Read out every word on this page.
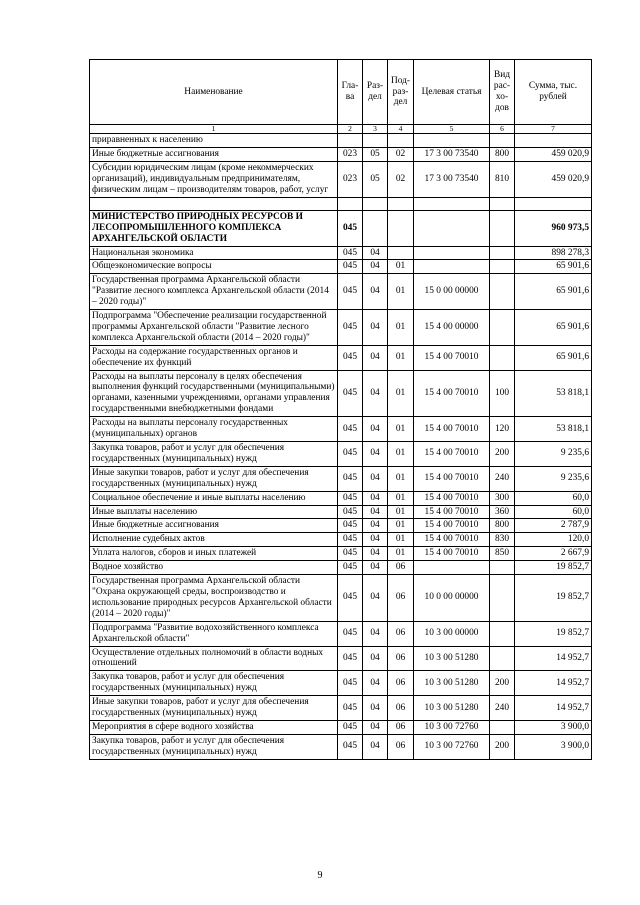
Наименование	Гла-ва	Раз-дел	Под-раз-дел	Целевая статья	Вид рас-хо-дов	Сумма, тыс. рублей
1	2	3	4	5	6	7
приравненных к населению						
Иные бюджетные ассигнования	023	05	02	17 3 00 73540	800	459 020,9
Субсидии юридическим лицам (кроме некоммерческих организаций), индивидуальным предпринимателям, физическим лицам – производителям товаров, работ, услуг	023	05	02	17 3 00 73540	810	459 020,9

МИНИСТЕРСТВО ПРИРОДНЫХ РЕСУРСОВ И ЛЕСОПРОМЫШЛЕННОГО КОМПЛЕКСА АРХАНГЕЛЬСКОЙ ОБЛАСТИ	045					960 973,5
Национальная экономика	045	04				898 278,3
Общеэкономические вопросы	045	04	01			65 901,6
Государственная программа Архангельской области "Развитие лесного комплекса Архангельской области (2014 – 2020 годы)"	045	04	01	15 0 00 00000		65 901,6
Подпрограмма "Обеспечение реализации государственной программы Архангельской области "Развитие лесного комплекса Архангельской области (2014 – 2020 годы)"	045	04	01	15 4 00 00000		65 901,6
Расходы на содержание государственных органов и обеспечение их функций	045	04	01	15 4 00 70010		65 901,6
Расходы на выплаты персоналу в целях обеспечения выполнения функций государственными (муниципальными) органами, казенными учреждениями, органами управления государственными внебюджетными фондами	045	04	01	15 4 00 70010	100	53 818,1
Расходы на выплаты персоналу государственных (муниципальных) органов	045	04	01	15 4 00 70010	120	53 818,1
Закупка товаров, работ и услуг для обеспечения государственных (муниципальных) нужд	045	04	01	15 4 00 70010	200	9 235,6
Иные закупки товаров, работ и услуг для обеспечения государственных (муниципальных) нужд	045	04	01	15 4 00 70010	240	9 235,6
Социальное обеспечение и иные выплаты населению	045	04	01	15 4 00 70010	300	60,0
Иные выплаты населению	045	04	01	15 4 00 70010	360	60,0
Иные бюджетные ассигнования	045	04	01	15 4 00 70010	800	2 787,9
Исполнение судебных актов	045	04	01	15 4 00 70010	830	120,0
Уплата налогов, сборов и иных платежей	045	04	01	15 4 00 70010	850	2 667,9
Водное хозяйство	045	04	06			19 852,7
Государственная программа Архангельской области "Охрана окружающей среды, воспроизводство и использование природных ресурсов Архангельской области (2014 – 2020 годы)"	045	04	06	10 0 00 00000		19 852,7
Подпрограмма "Развитие водохозяйственного комплекса Архангельской области"	045	04	06	10 3 00 00000		19 852,7
Осуществление отдельных полномочий в области водных отношений	045	04	06	10 3 00 51280		14 952,7
Закупка товаров, работ и услуг для обеспечения государственных (муниципальных) нужд	045	04	06	10 3 00 51280	200	14 952,7
Иные закупки товаров, работ и услуг для обеспечения государственных (муниципальных) нужд	045	04	06	10 3 00 51280	240	14 952,7
Мероприятия в сфере водного хозяйства	045	04	06	10 3 00 72760		3 900,0
Закупка товаров, работ и услуг для обеспечения государственных (муниципальных) нужд	045	04	06	10 3 00 72760	200	3 900,0
9
